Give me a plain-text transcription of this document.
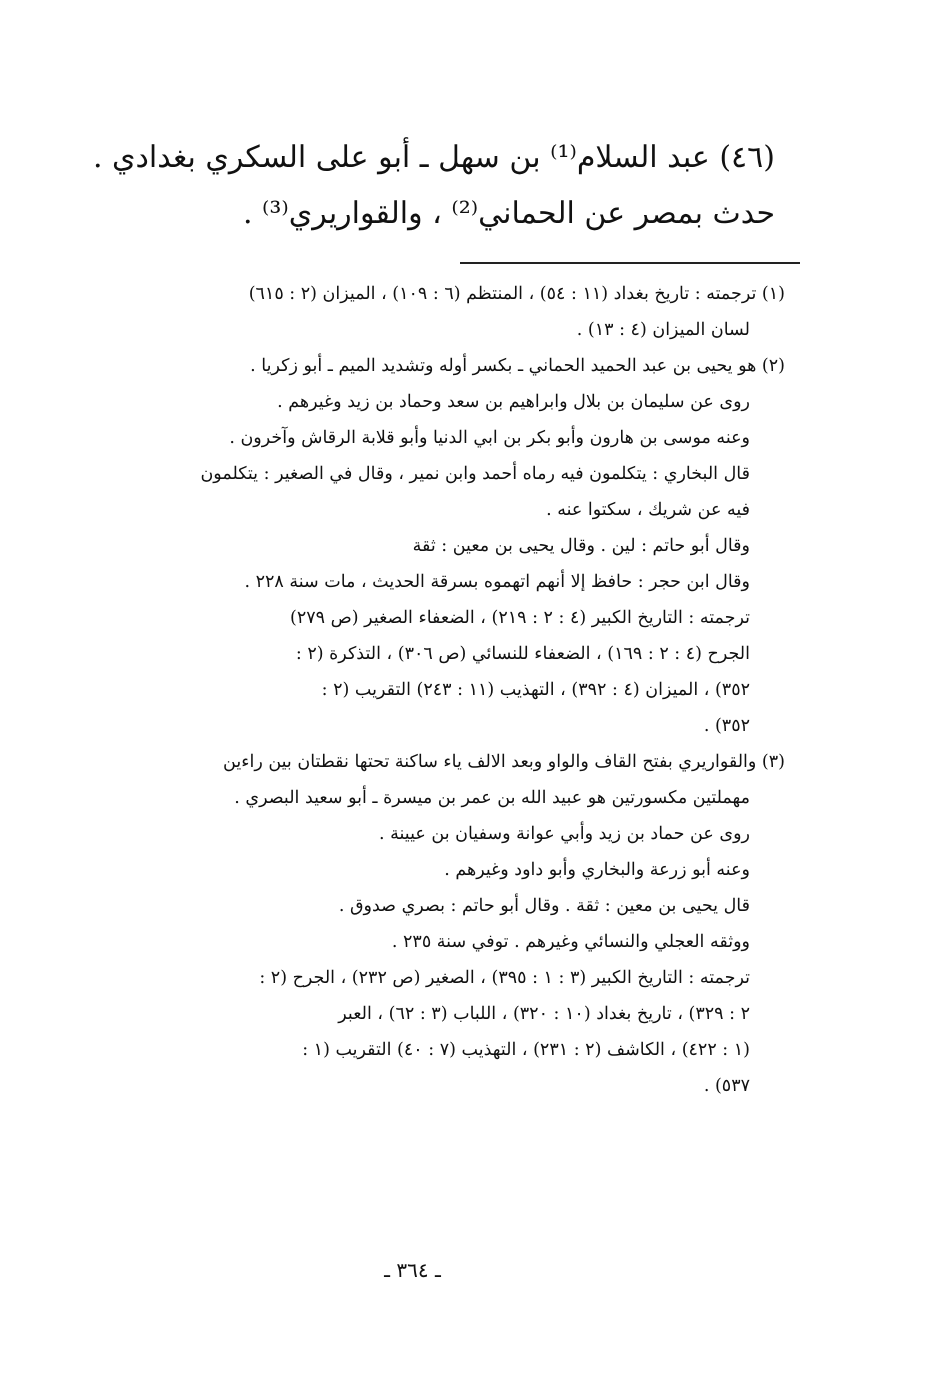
(٤٦) عبد السلام⁽¹⁾ بن سهل ـ أبو على السكري بغدادي .
حدث بمصر عن الحماني⁽²⁾ ، والقواريري⁽³⁾ .
(١) ترجمته : تاريخ بغداد (١١ : ٥٤) ، المنتظم (٦ : ١٠٩) ، الميزان (٢ : ٦١٥)
لسان الميزان (٤ : ١٣) .
(٢) هو يحيى بن عبد الحميد الحماني ـ بكسر أوله وتشديد الميم ـ أبو زكريا .
روى عن سليمان بن بلال وابراهيم بن سعد وحماد بن زيد وغيرهم .
وعنه موسى بن هارون وأبو بكر بن ابي الدنيا وأبو قلابة الرقاش وآخرون .
قال البخاري : يتكلمون فيه رماه أحمد وابن نمير ، وقال في الصغير : يتكلمون
فيه عن شريك ، سكتوا عنه .
وقال أبو حاتم : لين . وقال يحيى بن معين : ثقة
وقال ابن حجر : حافظ إلا أنهم اتهموه بسرقة الحديث ، مات سنة ٢٢٨ .
ترجمته : التاريخ الكبير (٤ : ٢ : ٢١٩) ، الضعفاء الصغير (ص ٢٧٩)
الجرح (٤ : ٢ : ١٦٩) ، الضعفاء للنسائي (ص ٣٠٦) ، التذكرة (٢ :
٣٥٢) ، الميزان (٤ : ٣٩٢) ، التهذيب (١١ : ٢٤٣) التقريب (٢ :
٣٥٢) .
(٣) والقواريري بفتح القاف والواو وبعد الالف ياء ساكنة تحتها نقطتان بين راءين
مهملتين مكسورتين هو عبيد الله بن عمر بن ميسرة ـ أبو سعيد البصري .
روى عن حماد بن زيد وأبي عوانة وسفيان بن عيينة .
وعنه أبو زرعة والبخاري وأبو داود وغيرهم .
قال يحيى بن معين : ثقة . وقال أبو حاتم : بصري صدوق .
ووثقه العجلي والنسائي وغيرهم . توفي سنة ٢٣٥ .
ترجمته : التاريخ الكبير (٣ : ١ : ٣٩٥) ، الصغير (ص ٢٣٢) ، الجرح (٢ :
٢ : ٣٢٩) ، تاريخ بغداد (١٠ : ٣٢٠) ، اللباب (٣ : ٦٢) ، العبر
(١ : ٤٢٢) ، الكاشف (٢ : ٢٣١) ، التهذيب (٧ : ٤٠) التقريب (١ :
٥٣٧) .
ـ ٣٦٤ ـ
